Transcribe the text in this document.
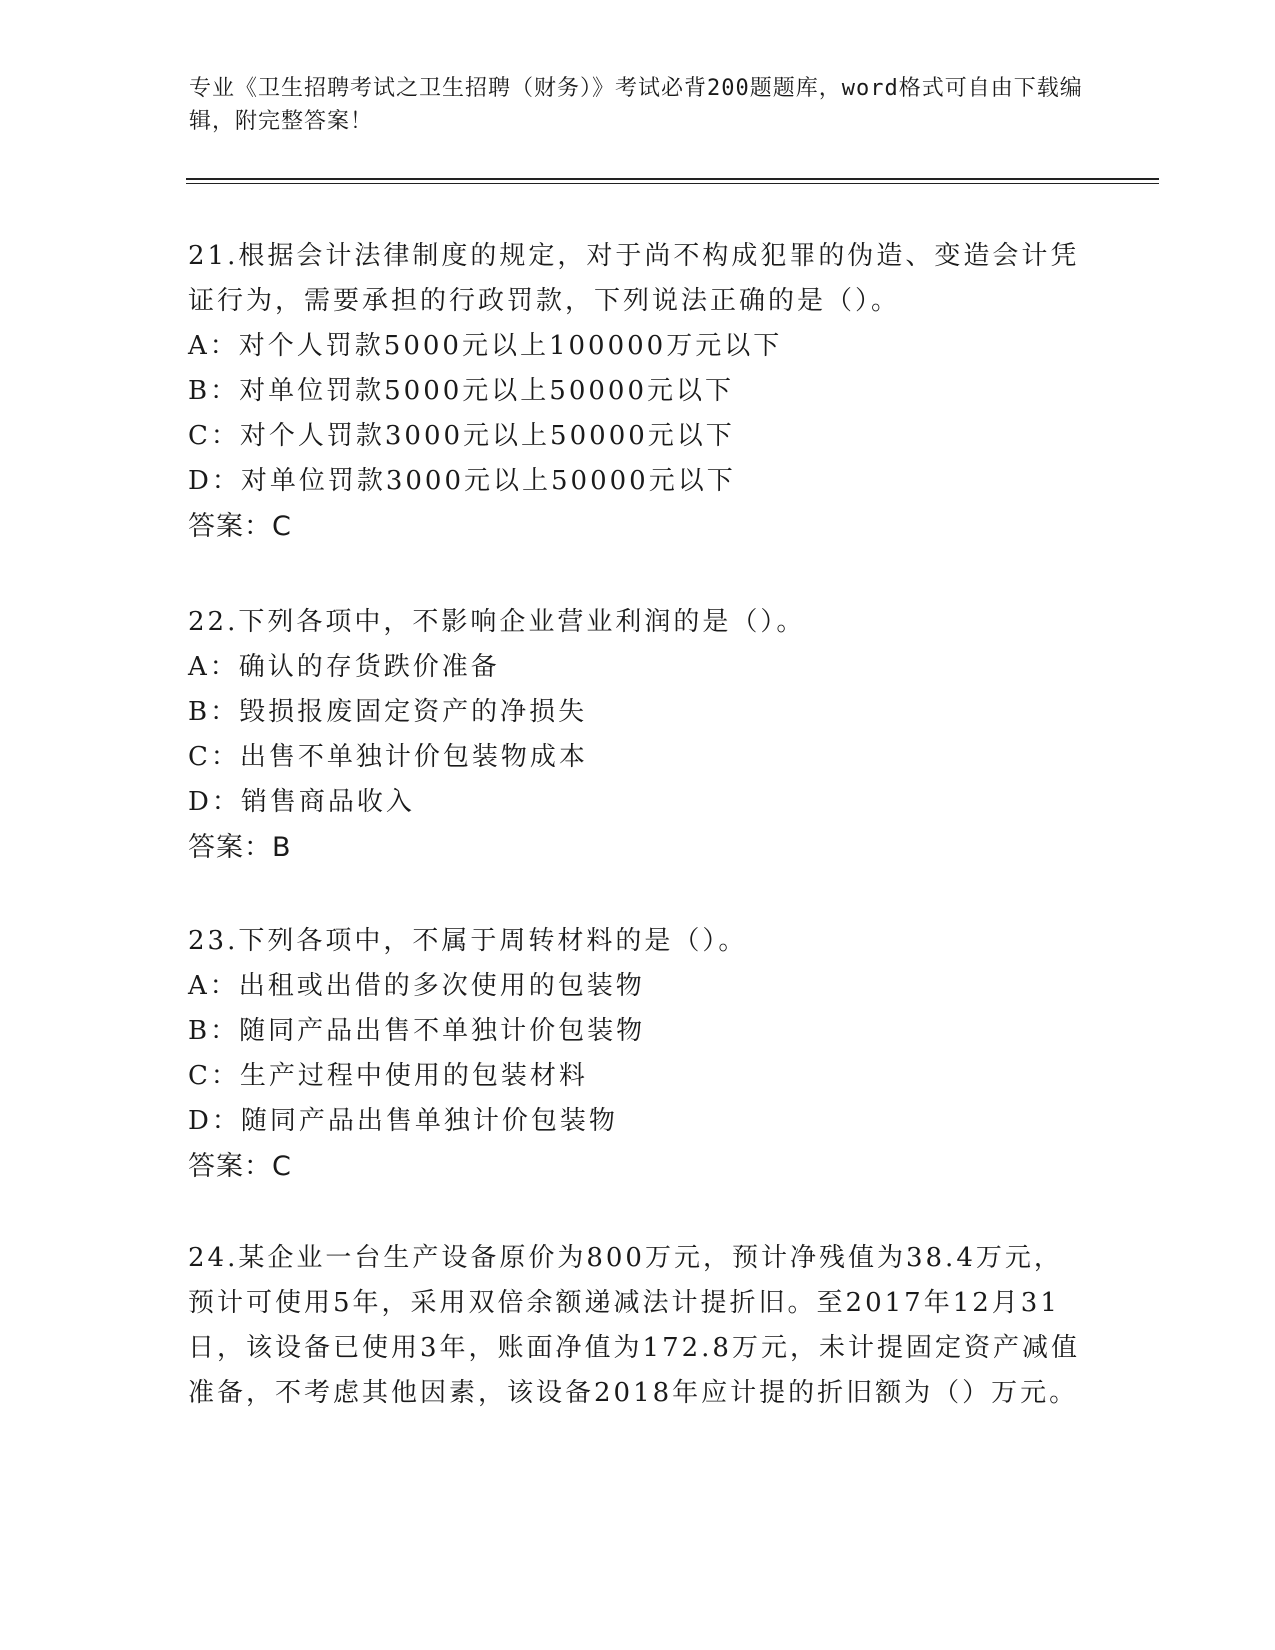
专业《卫生招聘考试之卫生招聘（财务）》考试必背200题题库，word格式可自由下载编辑，附完整答案！

21.根据会计法律制度的规定，对于尚不构成犯罪的伪造、变造会计凭证行为，需要承担的行政罚款，下列说法正确的是（）。

A：对个人罚款5000元以上100000万元以下

B：对单位罚款5000元以上50000元以下

C：对个人罚款3000元以上50000元以下

D：对单位罚款3000元以上50000元以下

答案：C

22.下列各项中，不影响企业营业利润的是（）。

A：确认的存货跌价准备

B：毁损报废固定资产的净损失

C：出售不单独计价包装物成本

D：销售商品收入

答案：B

23.下列各项中，不属于周转材料的是（）。

A：出租或出借的多次使用的包装物

B：随同产品出售不单独计价包装物

C：生产过程中使用的包装材料

D：随同产品出售单独计价包装物

答案：C

24.某企业一台生产设备原价为800万元，预计净残值为38.4万元，预计可使用5年，采用双倍余额递减法计提折旧。至2017年12月31日，该设备已使用3年，账面净值为172.8万元，未计提固定资产减值准备，不考虑其他因素，该设备2018年应计提的折旧额为（）万元。
